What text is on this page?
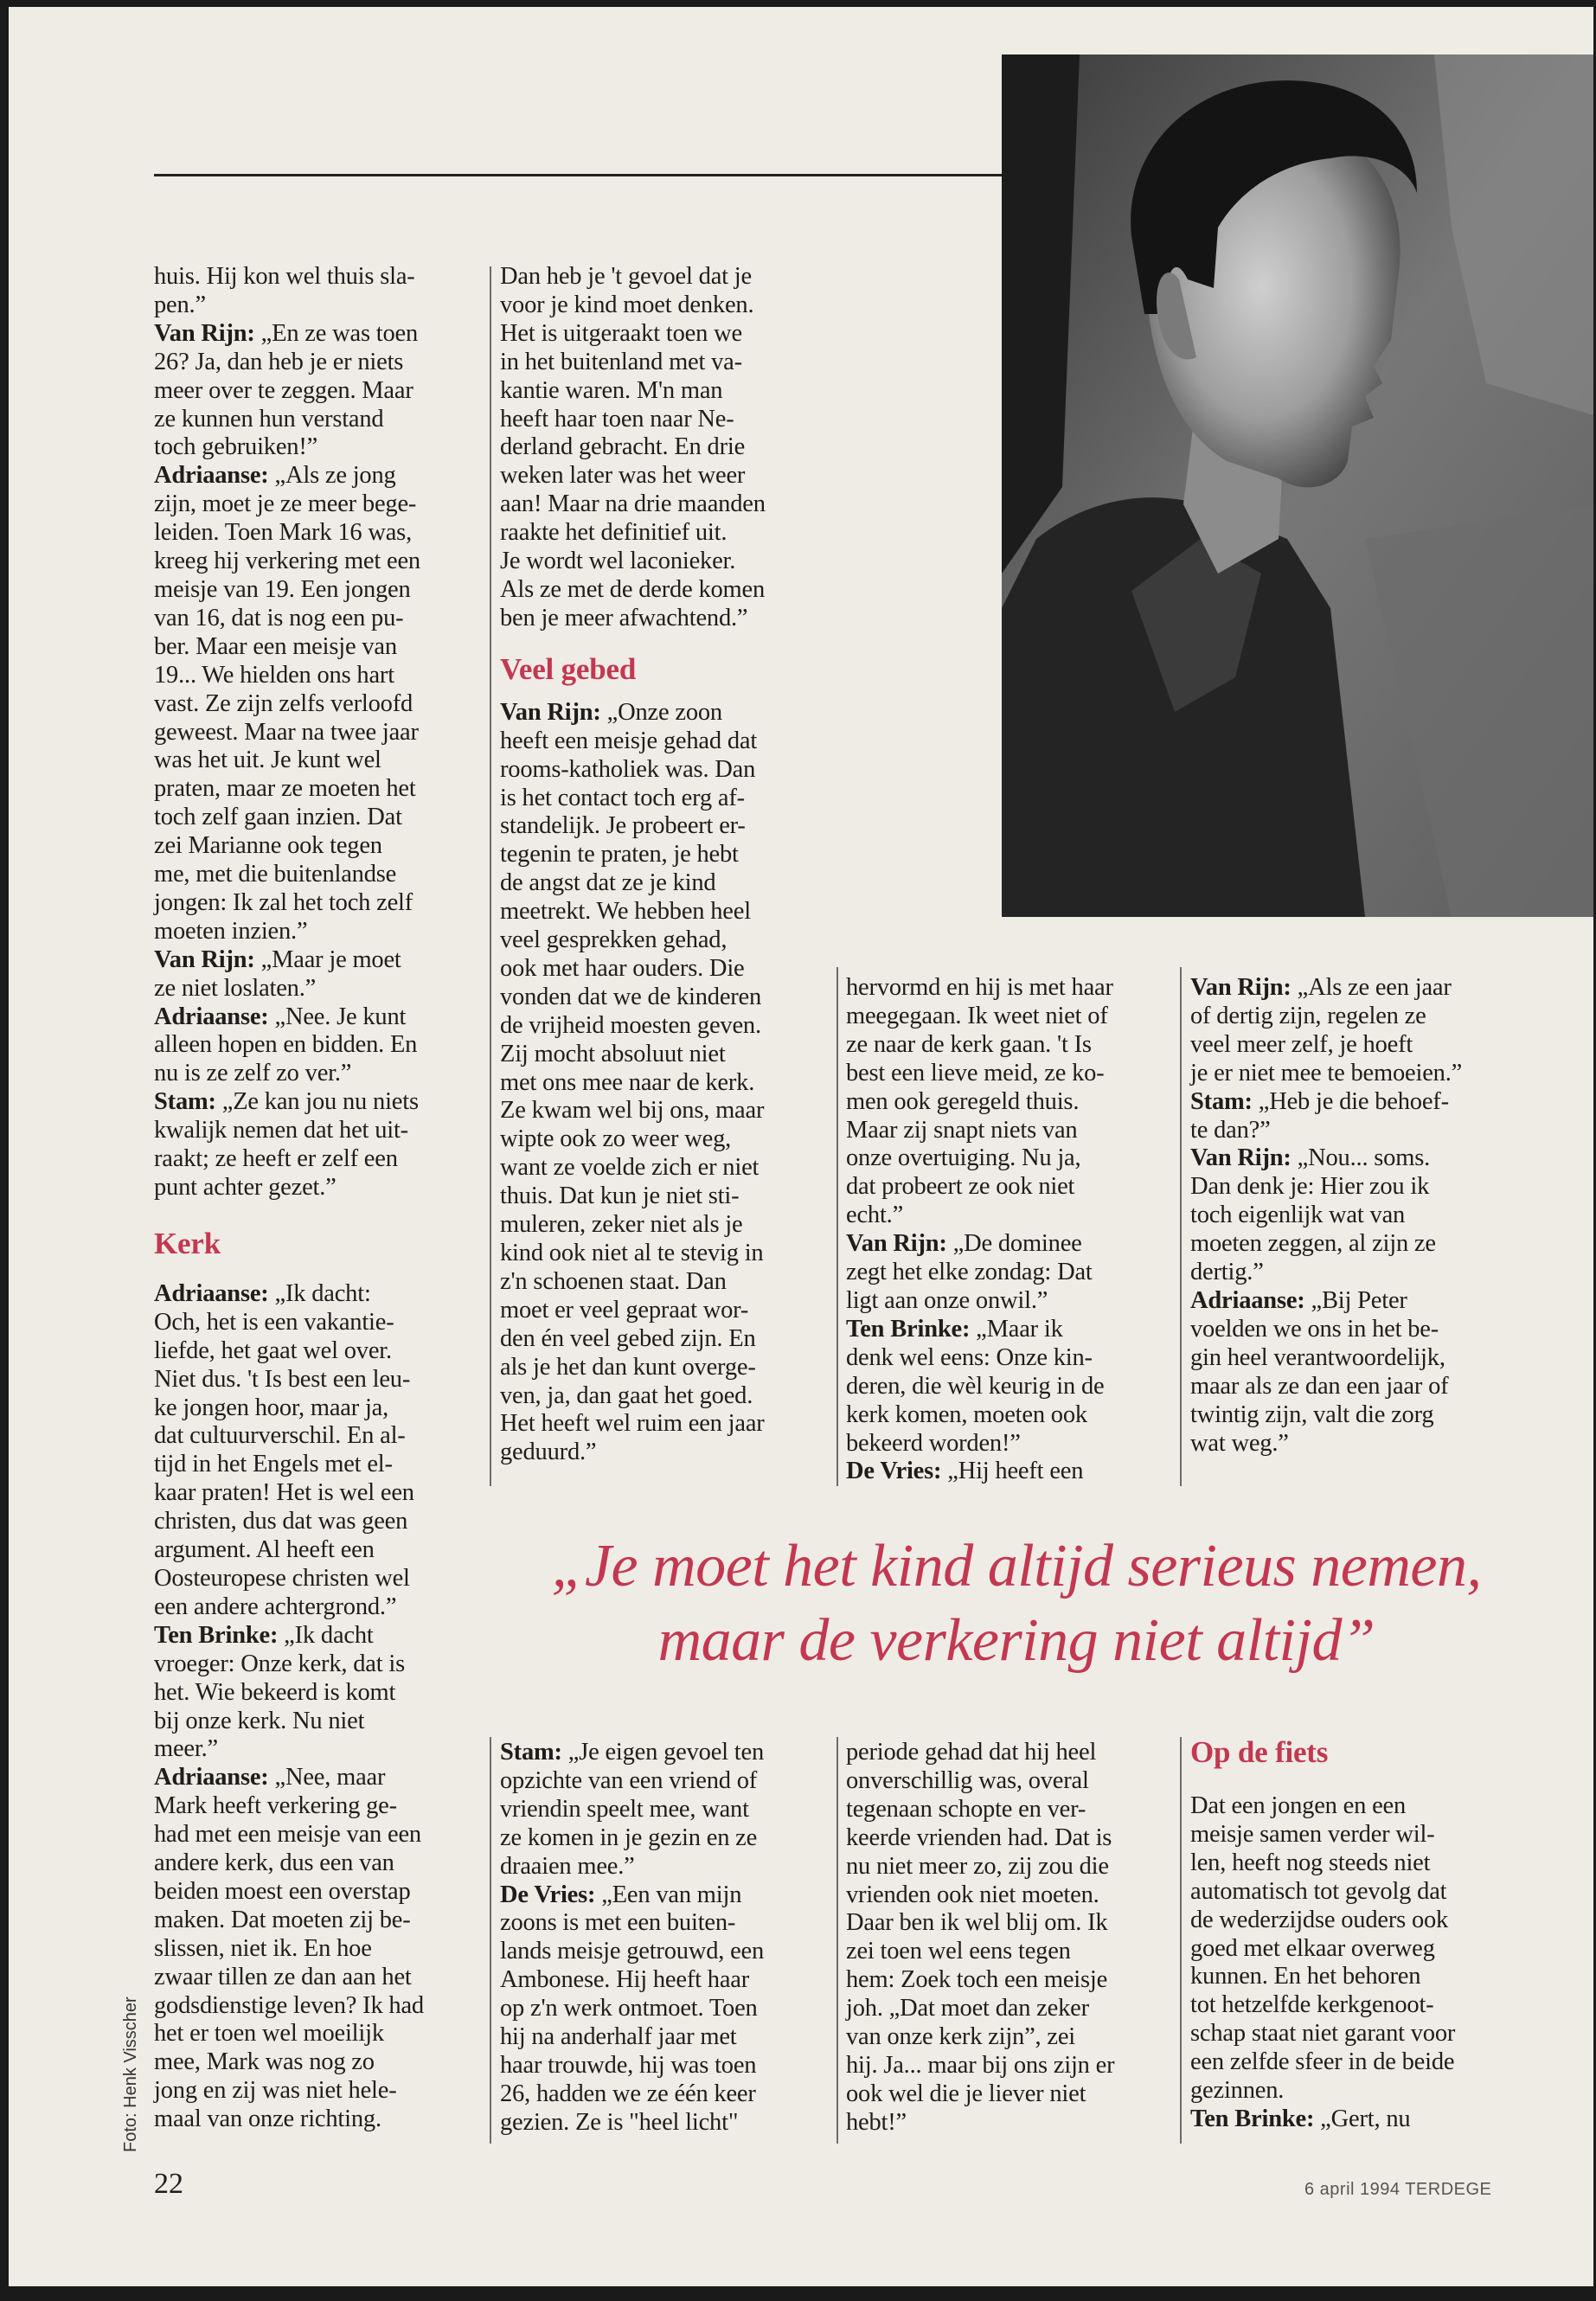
huis. Hij kon wel thuis sla-
pen.”

Van Rijn: „En ze was toen
26? Ja, dan heb je er niets
meer over te zeggen. Maar
ze kunnen hun verstand
toch gebruiken!”

Adriaanse: „Als ze jong
zijn, moet je ze meer bege-
leiden. Toen Mark 16 was,
kreeg hij verkering met een
meisje van 19. Een jongen
van 16, dat is nog een pu-
ber. Maar een meisje van
19... We hielden ons hart
vast. Ze zijn zelfs verloofd
geweest. Maar na twee jaar
was het uit. Je kunt wel
praten, maar ze moeten het
toch zelf gaan inzien. Dat
zei Marianne ook tegen
me, met die buitenlandse
jongen: Ik zal het toch zelf
moeten inzien.”

Van Rijn: „Maar je moet
ze niet loslaten.”

Adriaanse: „Nee. Je kunt
alleen hopen en bidden. En
nu is ze zelf zo ver.”

Stam: „Ze kan jou nu niets
kwalijk nemen dat het uit-
raakt; ze heeft er zelf een
punt achter gezet.”

Kerk

Adriaanse: „Ik dacht:
Och, het is een vakantie-
liefde, het gaat wel over.
Niet dus. 't Is best een leu-
ke jongen hoor, maar ja,
dat cultuurverschil. En al-
tijd in het Engels met el-
kaar praten! Het is wel een
christen, dus dat was geen
argument. Al heeft een
Oosteuropese christen wel
een andere achtergrond.”

Ten Brinke: „Ik dacht
vroeger: Onze kerk, dat is
het. Wie bekeerd is komt
bij onze kerk. Nu niet
meer.”

Adriaanse: „Nee, maar
Mark heeft verkering ge-
had met een meisje van een
andere kerk, dus een van
beiden moest een overstap
maken. Dat moeten zij be-
slissen, niet ik. En hoe
zwaar tillen ze dan aan het
godsdienstige leven? Ik had
het er toen wel moeilijk
mee, Mark was nog zo
jong en zij was niet hele-
maal van onze richting.

Dan heb je 't gevoel dat je
voor je kind moet denken.
Het is uitgeraakt toen we
in het buitenland met va-
kantie waren. M'n man
heeft haar toen naar Ne-
derland gebracht. En drie
weken later was het weer
aan! Maar na drie maanden
raakte het definitief uit.
Je wordt wel laconieker.
Als ze met de derde komen
ben je meer afwachtend.”

Veel gebed

Van Rijn: „Onze zoon
heeft een meisje gehad dat
rooms-katholiek was. Dan
is het contact toch erg af-
standelijk. Je probeert er-
tegenin te praten, je hebt
de angst dat ze je kind
meetrekt. We hebben heel
veel gesprekken gehad,
ook met haar ouders. Die
vonden dat we de kinderen
de vrijheid moesten geven.
Zij mocht absoluut niet
met ons mee naar de kerk.
Ze kwam wel bij ons, maar
wipte ook zo weer weg,
want ze voelde zich er niet
thuis. Dat kun je niet sti-
muleren, zeker niet als je
kind ook niet al te stevig in
z'n schoenen staat. Dan
moet er veel gepraat wor-
den én veel gebed zijn. En
als je het dan kunt overge-
ven, ja, dan gaat het goed.
Het heeft wel ruim een jaar
geduurd.”

hervormd en hij is met haar
meegegaan. Ik weet niet of
ze naar de kerk gaan. 't Is
best een lieve meid, ze ko-
men ook geregeld thuis.
Maar zij snapt niets van
onze overtuiging. Nu ja,
dat probeert ze ook niet
echt.”

Van Rijn: „De dominee
zegt het elke zondag: Dat
ligt aan onze onwil.”

Ten Brinke: „Maar ik
denk wel eens: Onze kin-
deren, die wèl keurig in de
kerk komen, moeten ook
bekeerd worden!”

De Vries: „Hij heeft een

Van Rijn: „Als ze een jaar
of dertig zijn, regelen ze
veel meer zelf, je hoeft
je er niet mee te bemoeien.”

Stam: „Heb je die behoef-
te dan?”

Van Rijn: „Nou... soms.
Dan denk je: Hier zou ik
toch eigenlijk wat van
moeten zeggen, al zijn ze
dertig.”

Adriaanse: „Bij Peter
voelden we ons in het be-
gin heel verantwoordelijk,
maar als ze dan een jaar of
twintig zijn, valt die zorg
wat weg.”

„Je moet het kind altijd serieus nemen,

maar de verkering niet altijd”

Stam: „Je eigen gevoel ten
opzichte van een vriend of
vriendin speelt mee, want
ze komen in je gezin en ze
draaien mee.”

De Vries: „Een van mijn
zoons is met een buiten-
lands meisje getrouwd, een
Ambonese. Hij heeft haar
op z'n werk ontmoet. Toen
hij na anderhalf jaar met
haar trouwde, hij was toen
26, hadden we ze één keer
gezien. Ze is "heel licht"

periode gehad dat hij heel
onverschillig was, overal
tegenaan schopte en ver-
keerde vrienden had. Dat is
nu niet meer zo, zij zou die
vrienden ook niet moeten.
Daar ben ik wel blij om. Ik
zei toen wel eens tegen
hem: Zoek toch een meisje
joh. „Dat moet dan zeker
van onze kerk zijn”, zei
hij. Ja... maar bij ons zijn er
ook wel die je liever niet
hebt!”

Op de fiets

Dat een jongen en een
meisje samen verder wil-
len, heeft nog steeds niet
automatisch tot gevolg dat
de wederzijdse ouders ook
goed met elkaar overweg
kunnen. En het behoren
tot hetzelfde kerkgenoot-
schap staat niet garant voor
een zelfde sfeer in de beide
gezinnen.

Ten Brinke: „Gert, nu

Foto: Henk Visscher
22	6 april 1994 TERDEGE
